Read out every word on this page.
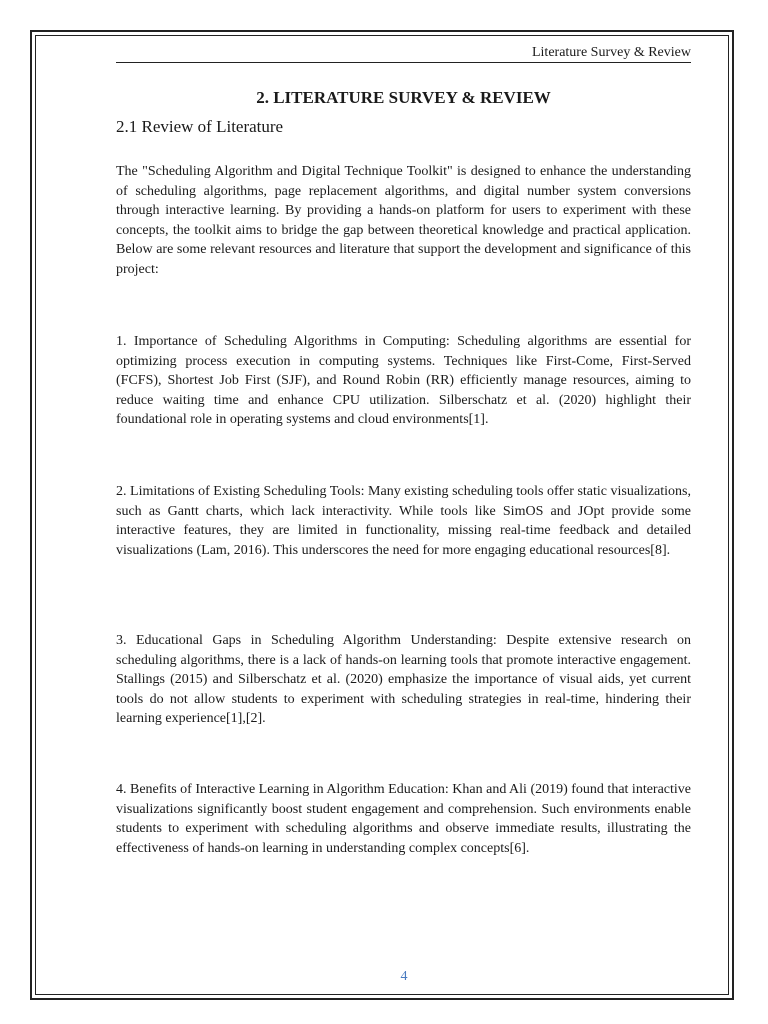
Literature Survey & Review
2. LITERATURE SURVEY & REVIEW
2.1 Review of Literature

The "Scheduling Algorithm and Digital Technique Toolkit" is designed to enhance the understanding of scheduling algorithms, page replacement algorithms, and digital number system conversions through interactive learning. By providing a hands-on platform for users to experiment with these concepts, the toolkit aims to bridge the gap between theoretical knowledge and practical application. Below are some relevant resources and literature that support the development and significance of this project:

1. Importance of Scheduling Algorithms in Computing: Scheduling algorithms are essential for optimizing process execution in computing systems. Techniques like First-Come, First-Served (FCFS), Shortest Job First (SJF), and Round Robin (RR) efficiently manage resources, aiming to reduce waiting time and enhance CPU utilization. Silberschatz et al. (2020) highlight their foundational role in operating systems and cloud environments[1].

2. Limitations of Existing Scheduling Tools: Many existing scheduling tools offer static visualizations, such as Gantt charts, which lack interactivity. While tools like SimOS and JOpt provide some interactive features, they are limited in functionality, missing real-time feedback and detailed visualizations (Lam, 2016). This underscores the need for more engaging educational resources[8].

3. Educational Gaps in Scheduling Algorithm Understanding: Despite extensive research on scheduling algorithms, there is a lack of hands-on learning tools that promote interactive engagement. Stallings (2015) and Silberschatz et al. (2020) emphasize the importance of visual aids, yet current tools do not allow students to experiment with scheduling strategies in real-time, hindering their learning experience[1],[2].

4. Benefits of Interactive Learning in Algorithm Education: Khan and Ali (2019) found that interactive visualizations significantly boost student engagement and comprehension. Such environments enable students to experiment with scheduling algorithms and observe immediate results, illustrating the effectiveness of hands-on learning in understanding complex concepts[6].

4
